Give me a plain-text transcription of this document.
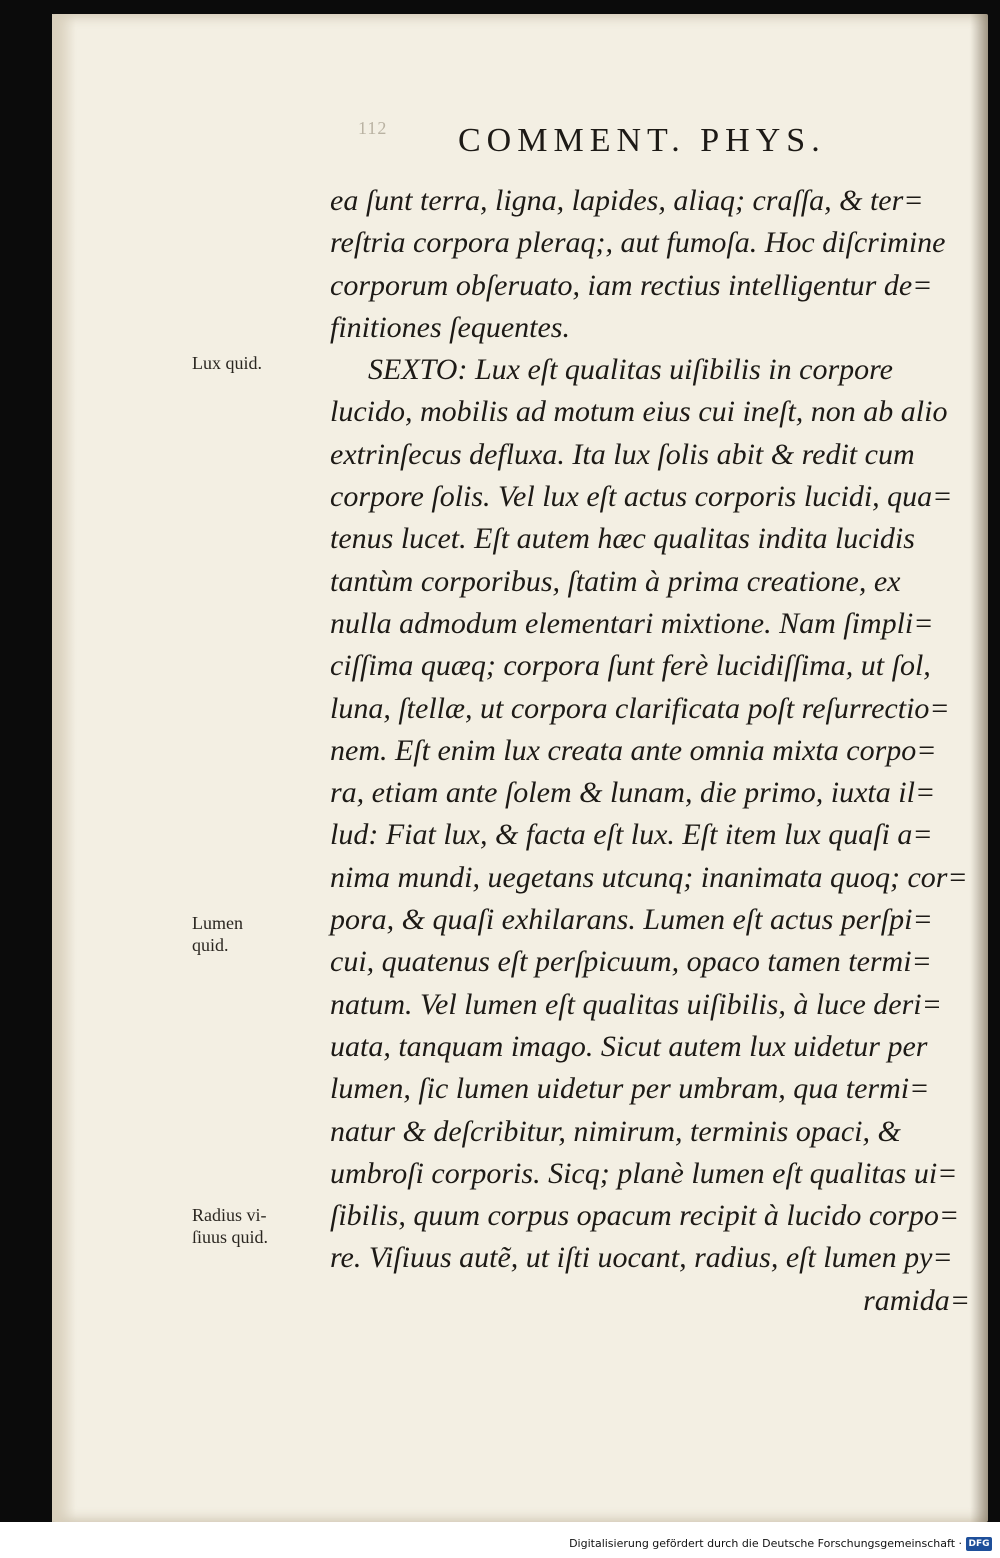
112 COMMENT. PHYS.
Lux quid.
Lumen
quid.
Radius vi-
ſiuus quid.
ea ſunt terra, ligna, lapides, aliaq; craſſa, & ter=
reſtria corpora pleraq;, aut fumoſa. Hoc diſcrimine
corporum obſeruato, iam rectius intelligentur de=
finitiones ſequentes.
SEXTO: Lux eſt qualitas uiſibilis in corpore
lucido, mobilis ad motum eius cui ineſt, non ab alio
extrinſecus defluxa. Ita lux ſolis abit & redit cum
corpore ſolis. Vel lux eſt actus corporis lucidi, qua=
tenus lucet. Eſt autem hæc qualitas indita lucidis
tantùm corporibus, ſtatim à prima creatione, ex
nulla admodum elementari mixtione. Nam ſimpli=
ciſſima quæq; corpora ſunt ferè lucidiſſima, ut ſol,
luna, ſtellæ, ut corpora clarificata poſt reſurrectio=
nem. Eſt enim lux creata ante omnia mixta corpo=
ra, etiam ante ſolem & lunam, die primo, iuxta il=
lud: Fiat lux, & facta eſt lux. Eſt item lux quaſi a=
nima mundi, uegetans utcunq; inanimata quoq; cor=
pora, & quaſi exhilarans. Lumen eſt actus perſpi=
cui, quatenus eſt perſpicuum, opaco tamen termi=
natum. Vel lumen eſt qualitas uiſibilis, à luce deri=
uata, tanquam imago. Sicut autem lux uidetur per
lumen, ſic lumen uidetur per umbram, qua termi=
natur & deſcribitur, nimirum, terminis opaci, &
umbroſi corporis. Sicq; planè lumen eſt qualitas ui=
ſibilis, quum corpus opacum recipit à lucido corpo=
re. Viſiuus autẽ, ut iſti uocant, radius, eſt lumen py=
ramida=
Digitalisierung gefördert durch die Deutsche Forschungsgemeinschaft · DFG
